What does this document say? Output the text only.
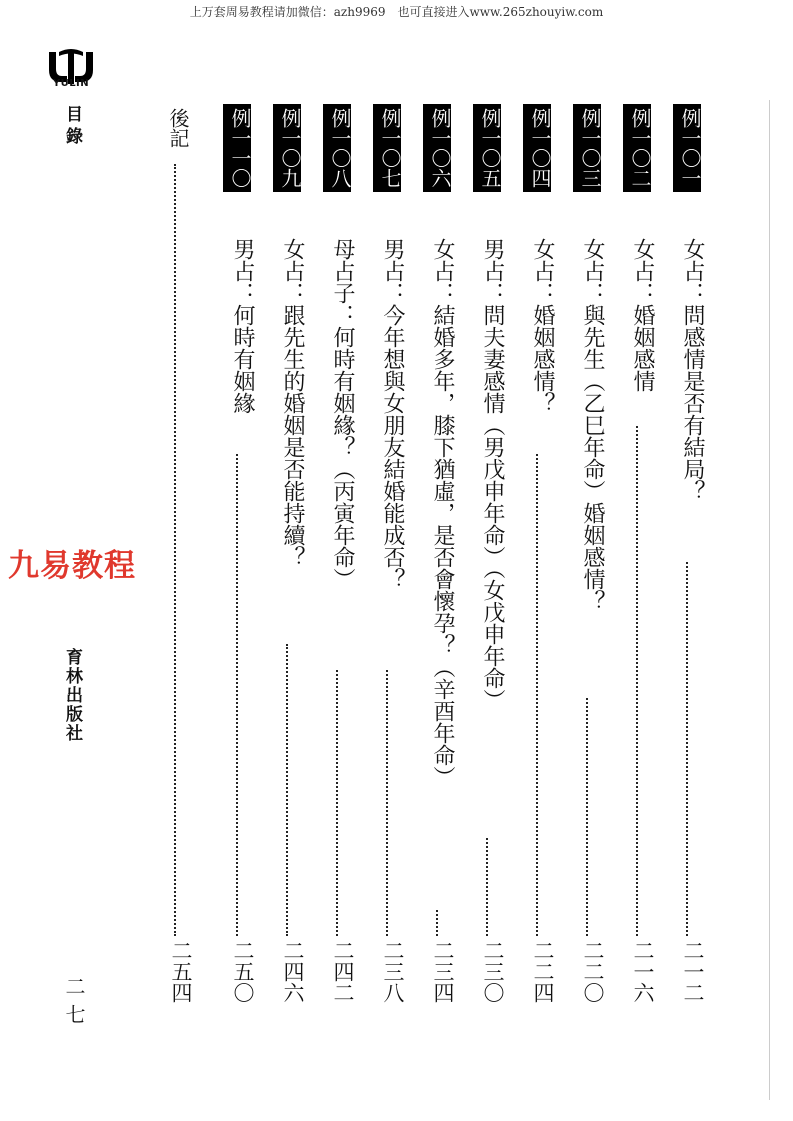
上万套周易教程请加微信：azh9969　也可直接进入www.265zhouyiw.com
YULIN
目錄
育林出版社
二七
九易教程
例一〇一
女占：問感情是否有結局？
二一二
例一〇二
女占：婚姻感情
二一六
例一〇三
女占：與先生（乙巳年命）婚姻感情？
二二〇
例一〇四
女占：婚姻感情？
二二四
例一〇五
男占：問夫妻感情（男戊申年命）（女戊申年命）
二三〇
例一〇六
女占：結婚多年，膝下猶虛，是否會懷孕？（辛酉年命）
二三四
例一〇七
男占：今年想與女朋友結婚能成否？
二三八
例一〇八
母占子：何時有姻緣？（丙寅年命）
二四二
例一〇九
女占：跟先生的婚姻是否能持續？
二四六
例一一〇
男占：何時有姻緣
二五〇
後記
二五四
